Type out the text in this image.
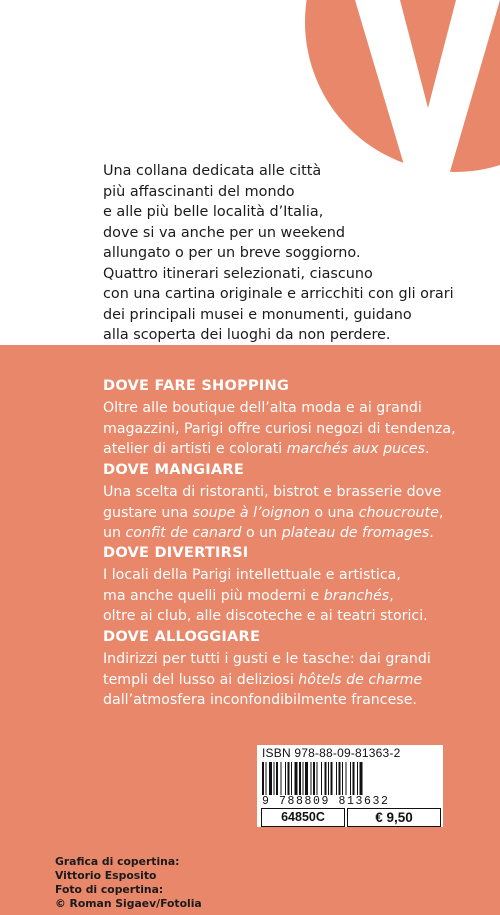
Una collana dedicata alle città

più affascinanti del mondo

e alle più belle località d’Italia,

dove si va anche per un weekend

allungato o per un breve soggiorno.

Quattro itinerari selezionati, ciascuno

con una cartina originale e arricchiti con gli orari

dei principali musei e monumenti, guidano

alla scoperta dei luoghi da non perdere.

DOVE FARE SHOPPING

Oltre alle boutique dell’alta moda e ai grandi

magazzini, Parigi offre curiosi negozi di tendenza,

atelier di artisti e colorati marchés aux puces.

DOVE MANGIARE

Una scelta di ristoranti, bistrot e brasserie dove

gustare una soupe à l’oignon o una choucroute,

un confit de canard o un plateau de fromages.

DOVE DIVERTIRSI

I locali della Parigi intellettuale e artistica,

ma anche quelli più moderni e branchés,

oltre ai club, alle discoteche e ai teatri storici.

DOVE ALLOGGIARE

Indirizzi per tutti i gusti e le tasche: dai grandi

templi del lusso ai deliziosi hôtels de charme

dall’atmosfera inconfondibilmente francese.

Grafica di copertina:

Vittorio Esposito

Foto di copertina:

© Roman Sigaev/Fotolia

ISBN 978-88-09-81363-2
9 788809 813632
64850C	€ 9,50
